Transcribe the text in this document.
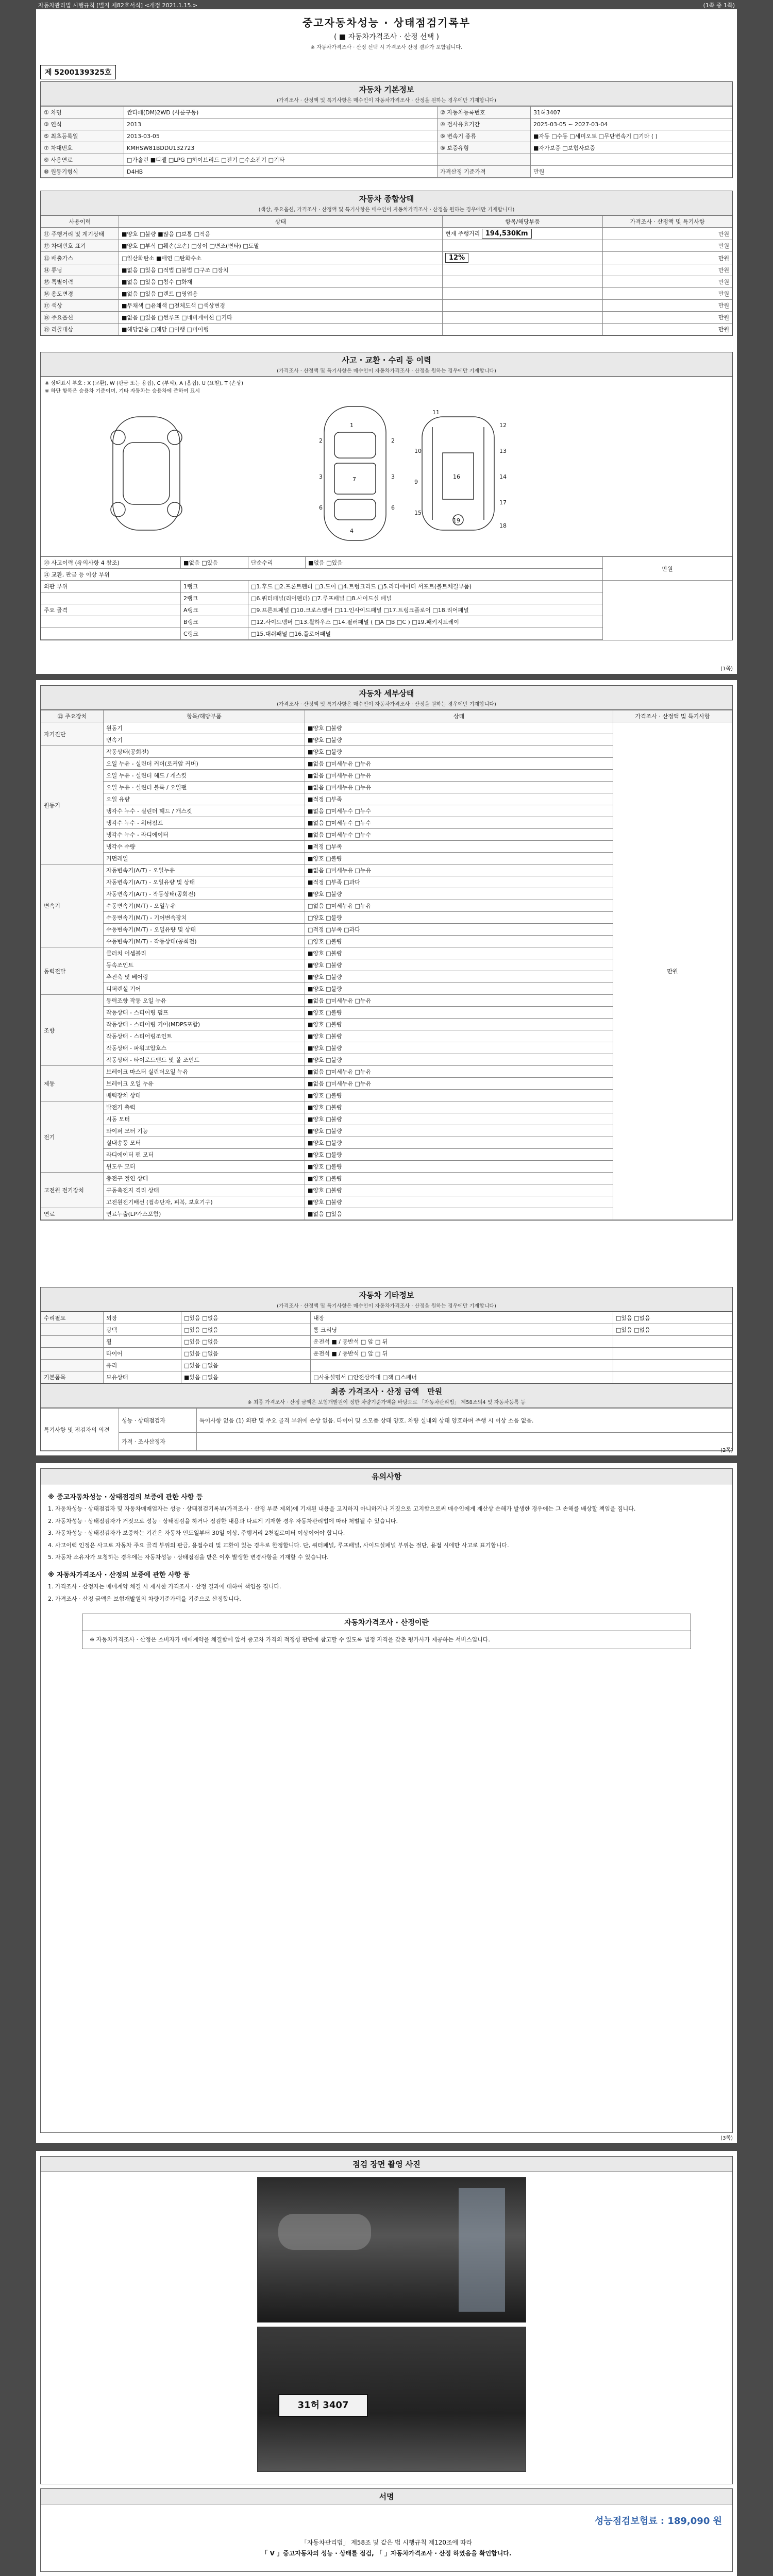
자동차관리법 시행규칙 [별지 제82호서식] <개정 2021.1.15.>	(1쪽 중 1쪽)
중고자동차성능 · 상태점검기록부
( ■ 자동차가격조사 · 산정 선택 )
※ 자동차가격조사 · 산정 선택 시 가격조사 산정 결과가 포함됩니다.
제 5200139325호
자동차 기본정보
(가격조사 · 산정액 및 특기사항은 매수인이 자동차가격조사 · 산정을 원하는 경우에만 기재합니다)
① 차명	싼타페(DM)2WD (사륜구동)	② 자동차등록번호	31허3407
③ 연식	2013	④ 검사유효기간	2025-03-05 ~ 2027-03-04
⑤ 최초등록일	2013-03-05	⑥ 변속기 종류	■자동 □수동 □세미오토 □무단변속기 □기타 ( )
⑦ 차대번호	KMHSW81BDDU132723	⑧ 보증유형	■자가보증 □보험사보증
⑨ 사용연료	□가솔린 ■디젤 □LPG □하이브리드 □전기 □수소전기 □기타		
⑩ 원동기형식	D4HB	가격산정 기준가격	만원
자동차 종합상태
(색상, 주요옵션, 가격조사 · 산정액 및 특기사항은 매수인이 자동차가격조사 · 산정을 원하는 경우에만 기재합니다)
사용이력	상태	항목/해당부품	가격조사 · 산정액 및 특기사항
⑪ 주행거리 및 계기상태	■양호 □불량 ■많음 □보통 □적음	현재 주행거리 194,530Km	만원
⑫ 차대번호 표기	■양호 □부식 □훼손(오손) □상이 □변조(변타) □도말		만원
⑬ 배출가스	□일산화탄소 ■매연 □탄화수소	12%	만원
⑭ 튜닝	■없음 □있음 □적법 □불법 □구조 □장치		만원
⑮ 특별이력	■없음 □있음 □침수 □화재		만원
⑯ 용도변경	■없음 □있음 □렌트 □영업용		만원
⑰ 색상	■무채색 □유채색 □전체도색 □색상변경		만원
⑱ 주요옵션	■없음 □있음 □썬루프 □네비게이션 □기타		만원
⑲ 리콜대상	■해당없음 □해당 □이행 □미이행		만원
사고 · 교환 · 수리 등 이력
(가격조사 · 산정액 및 특기사항은 매수인이 자동차가격조사 · 산정을 원하는 경우에만 기재합니다)
※ 상태표시 부호 : X (교환), W (판금 또는 용접), C (부식), A (흠집), U (요철), T (손상)
※ 하단 항목은 승용차 기준이며, 기타 자동차는 승용차에 준하여 표시
1
2	2
3	3
7
6	6
4
11
12
13
14
16
17
18
10
9
19
15
⑳ 사고이력 (유의사항 4 참조)	■없음 □있음	단순수리	■없음 □있음	만원
㉑ 교환, 판금 등 이상 부위				
외판 부위	1랭크	□1.후드 □2.프론트펜더 □3.도어 □4.트렁크리드 □5.라디에이터 서포트(볼트체결부품)		
	2랭크	□6.쿼터패널(리어펜더) □7.루프패널 □8.사이드실 패널		
주요 골격	A랭크	□9.프론트패널 □10.크로스멤버 □11.인사이드패널 □17.트렁크플로어 □18.리어패널		
	B랭크	□12.사이드멤버 □13.휠하우스 □14.필러패널 ( □A □B □C ) □19.패키지트레이		
	C랭크	□15.대쉬패널 □16.플로어패널		
(1쪽)
자동차 세부상태
(가격조사 · 산정액 및 특기사항은 매수인이 자동차가격조사 · 산정을 원하는 경우에만 기재합니다)
㉒ 주요장치	항목/해당부품	상태	가격조사 · 산정액 및 특기사항
자기진단	원동기	■양호 □불량	만원
	변속기	■양호 □불량	
원동기	작동상태(공회전)	■양호 □불량	
	오일 누유 - 실린더 커버(로커암 커버)	■없음 □미세누유 □누유	
	오일 누유 - 실린더 헤드 / 개스킷	■없음 □미세누유 □누유	
	오일 누유 - 실린더 블록 / 오일팬	■없음 □미세누유 □누유	
	오일 유량	■적정 □부족	
	냉각수 누수 - 실린더 헤드 / 개스킷	■없음 □미세누수 □누수	
	냉각수 누수 - 워터펌프	■없음 □미세누수 □누수	
	냉각수 누수 - 라디에이터	■없음 □미세누수 □누수	
	냉각수 수량	■적정 □부족	
	커먼레일	■양호 □불량	
변속기	자동변속기(A/T) - 오일누유	■없음 □미세누유 □누유	
	자동변속기(A/T) - 오일유량 및 상태	■적정 □부족 □과다	
	자동변속기(A/T) - 작동상태(공회전)	■양호 □불량	
	수동변속기(M/T) - 오일누유	□없음 □미세누유 □누유	
	수동변속기(M/T) - 기어변속장치	□양호 □불량	
	수동변속기(M/T) - 오일유량 및 상태	□적정 □부족 □과다	
	수동변속기(M/T) - 작동상태(공회전)	□양호 □불량	
동력전달	클러치 어셈블리	■양호 □불량	
	등속조인트	■양호 □불량	
	추진축 및 베어링	■양호 □불량	
	디퍼렌셜 기어	■양호 □불량	
조향	동력조향 작동 오일 누유	■없음 □미세누유 □누유	
	작동상태 - 스티어링 펌프	■양호 □불량	
	작동상태 - 스티어링 기어(MDPS포함)	■양호 □불량	
	작동상태 - 스티어링조인트	■양호 □불량	
	작동상태 - 파워고압호스	■양호 □불량	
	작동상태 - 타이로드엔드 및 볼 조인트	■양호 □불량	
제동	브레이크 마스터 실린더오일 누유	■없음 □미세누유 □누유	
	브레이크 오일 누유	■없음 □미세누유 □누유	
	배력장치 상태	■양호 □불량	
전기	발전기 출력	■양호 □불량	
	시동 모터	■양호 □불량	
	와이퍼 모터 기능	■양호 □불량	
	실내송풍 모터	■양호 □불량	
	라디에이터 팬 모터	■양호 □불량	
	윈도우 모터	■양호 □불량	
고전원 전기장치	충전구 절연 상태	■양호 □불량	
	구동축전지 격리 상태	■양호 □불량	
	고전원전기배선 (접속단자, 피복, 보호기구)	■양호 □불량	
연료	연료누출(LP가스포함)	■없음 □있음	
자동차 기타정보
(가격조사 · 산정액 및 특기사항은 매수인이 자동차가격조사 · 산정을 원하는 경우에만 기재합니다)
수리필요	외장	□있음 □없음	내장	□있음 □없음
	광택	□있음 □없음	룸 크리닝	□있음 □없음
	휠	□있음 □없음	운전석 ■ / 동반석 □ 앞 □ 뒤	
	타이어	□있음 □없음	운전석 ■ / 동반석 □ 앞 □ 뒤	
	유리	□있음 □없음		
기본품목	보유상태	■있음 □없음	□사용설명서 □안전삼각대 □잭 □스패너	
최종 가격조사 · 산정 금액 만원
※ 최종 가격조사 · 산정 금액은 보험개발원이 정한 차량기준가액을 바탕으로 「자동차관리법」 제58조의4 및 자동차등록 등
특기사항 및 점검자의 의견	성능 · 상태점검자	특이사항 없음 (1) 외판 및 주요 골격 부위에 손상 없음. 타이어 및 소모품 상태 양호. 차량 실내외 상태 양호하며 주행 시 이상 소음 없음.
	가격 · 조사산정자	
(2쪽)
유의사항
※ 중고자동차성능 · 상태점검의 보증에 관한 사항 등

1. 자동차성능 · 상태점검자 및 자동차매매업자는 성능 · 상태점검기록부(가격조사 · 산정 부분 제외)에 기재된 내용을 고지하지 아니하거나 거짓으로 고지함으로써 매수인에게 재산상 손해가 발생한 경우에는 그 손해를 배상할 책임을 집니다.

2. 자동차성능 · 상태점검자가 거짓으로 성능 · 상태점검을 하거나 점검한 내용과 다르게 기재한 경우 자동차관리법에 따라 처벌될 수 있습니다.

3. 자동차성능 · 상태점검자가 보증하는 기간은 자동차 인도일부터 30일 이상, 주행거리 2천킬로미터 이상이어야 합니다.

4. 사고이력 인정은 사고로 자동차 주요 골격 부위의 판금, 용접수리 및 교환이 있는 경우로 한정합니다. 단, 쿼터패널, 루프패널, 사이드실패널 부위는 절단, 용접 시에만 사고로 표기합니다.

5. 자동차 소유자가 요청하는 경우에는 자동차성능 · 상태점검을 받은 이후 발생한 변경사항을 기재할 수 있습니다.

※ 자동차가격조사 · 산정의 보증에 관한 사항 등

1. 가격조사 · 산정자는 매매계약 체결 시 제시한 가격조사 · 산정 결과에 대하여 책임을 집니다.

2. 가격조사 · 산정 금액은 보험개발원의 차량기준가액을 기준으로 산정합니다.

자동차가격조사 · 산정이란

※ 자동차가격조사 · 산정은 소비자가 매매계약을 체결함에 앞서 중고차 가격의 적정성 판단에 참고할 수 있도록 법정 자격을 갖춘 평가사가 제공하는 서비스입니다.

(3쪽)
점검 장면 촬영 사진
31허 3407
서명
성능점검보험료 : 189,090 원
「자동차관리법」 제58조 및 같은 법 시행규칙 제120조에 따라
「 V 」중고자동차의 성능 · 상태를 점검, 「 」자동차가격조사 · 산정 하였음을 확인합니다.
